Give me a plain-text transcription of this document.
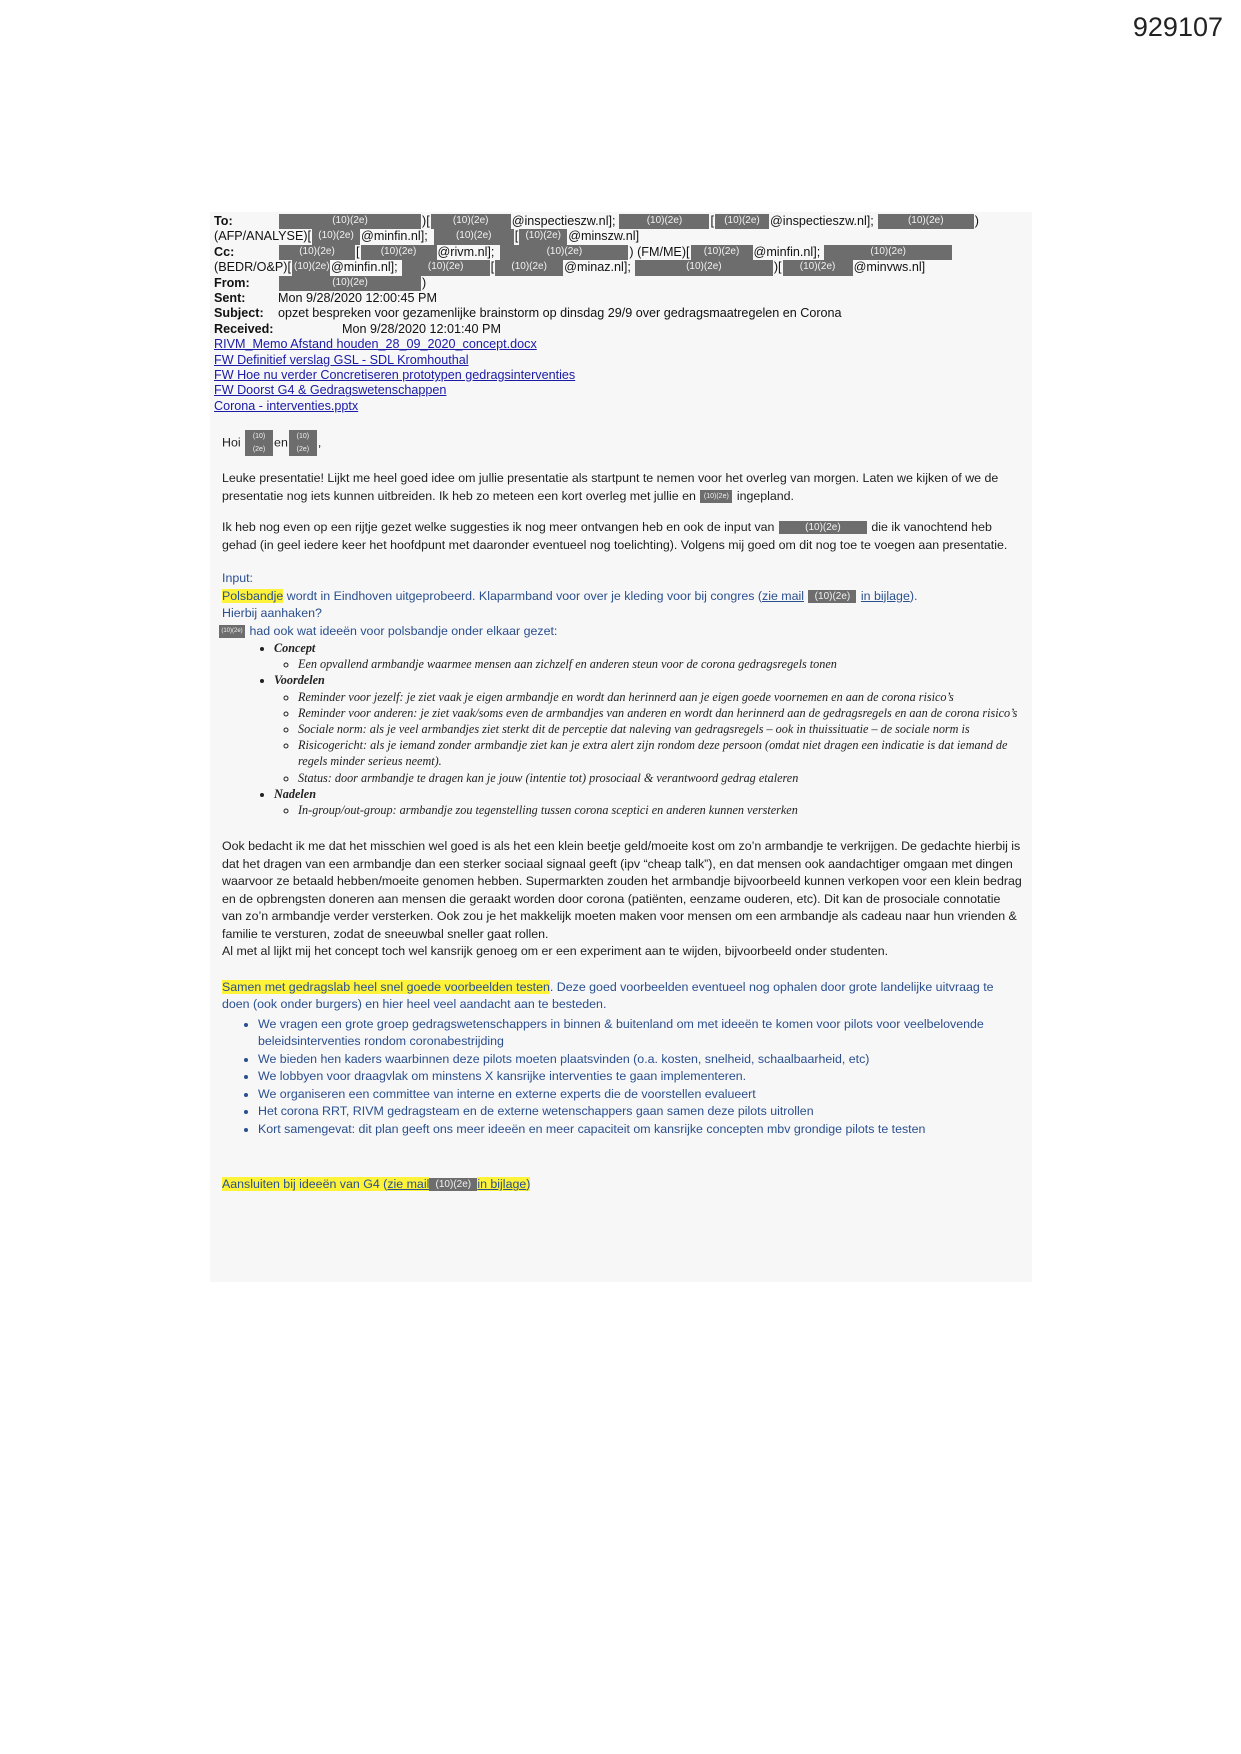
929107
To:	(10)(2e)	)[	(10)(2e)	@inspectieszw.nl];	(10)(2e)	[	(10)(2e) @inspectieszw.nl];	(10)(2e)	)
(AFP/ANALYSE)[ (10)(2e) @minfin.nl];	(10)(2e)	[ (10)(2e) @minszw.nl]
Cc:	(10)(2e)	[	(10)(2e)	@rivm.nl];	(10)(2e)	) (FM/ME)[	(10)(2e)	@minfin.nl];	(10)(2e)
(BEDR/O&P)[ (10)(2e) @minfin.nl];	(10)(2e)	[	(10)(2e)	@minaz.nl];	(10)(2e)	)[	(10)(2e)	@minvws.nl]
From:	(10)(2e)	)
Sent:	Mon 9/28/2020 12:00:45 PM
Subject:	opzet bespreken voor gezamenlijke brainstorm op dinsdag 29/9 over gedragsmaatregelen en Corona
Received:	Mon 9/28/2020 12:01:40 PM
RIVM_Memo Afstand houden_28_09_2020_concept.docx
FW Definitief verslag GSL - SDL Kromhouthal
FW Hoe nu verder Concretiseren prototypen gedragsinterventies
FW Doorst G4 & Gedragswetenschappen
Corona - interventies.pptx

Hoi (10)(2e)en (10)(2e),

Leuke presentatie! Lijkt me heel goed idee om jullie presentatie als startpunt te nemen voor het overleg van morgen. Laten we kijken of we de presentatie nog iets kunnen uitbreiden. Ik heb zo meteen een kort overleg met jullie en (10)(2e) ingepland.

Ik heb nog even op een rijtje gezet welke suggesties ik nog meer ontvangen heb en ook de input van	(10)(2e) die ik vanochtend heb gehad (in geel iedere keer het hoofdpunt met daaronder eventueel nog toelichting). Volgens mij goed om dit nog toe te voegen aan presentatie.

Input:
Polsbandje wordt in Eindhoven uitgeprobeerd. Klaparmband voor over je kleding voor bij congres (zie mail (10)(2e) in bijlage).
Hierbij aanhaken?
(10)(2e) had ook wat ideeën voor polsbandje onder elkaar gezet:
• Concept
◦ Een opvallend armbandje waarmee mensen aan zichzelf en anderen steun voor de corona gedragsregels tonen
• Voordelen
◦ Reminder voor jezelf: je ziet vaak je eigen armbandje en wordt dan herinnerd aan je eigen goede voornemen en aan de corona risico’s
◦ Reminder voor anderen: je ziet vaak/soms even de armbandjes van anderen en wordt dan herinnerd aan de gedragsregels en aan de corona risico’s
◦ Sociale norm: als je veel armbandjes ziet sterkt dit de perceptie dat naleving van gedragsregels – ook in thuissituatie – de sociale norm is
◦ Risicogericht: als je iemand zonder armbandje ziet kan je extra alert zijn rondom deze persoon (omdat niet dragen een indicatie is dat iemand de regels minder serieus neemt).
◦ Status: door armbandje te dragen kan je jouw (intentie tot) prosociaal & verantwoord gedrag etaleren
• Nadelen
◦ In-group/out-group: armbandje zou tegenstelling tussen corona sceptici en anderen kunnen versterken

Ook bedacht ik me dat het misschien wel goed is als het een klein beetje geld/moeite kost om zo’n armbandje te verkrijgen. De gedachte hierbij is dat het dragen van een armbandje dan een sterker sociaal signaal geeft (ipv “cheap talk”), en dat mensen ook aandachtiger omgaan met dingen waarvoor ze betaald hebben/moeite genomen hebben. Supermarkten zouden het armbandje bijvoorbeeld kunnen verkopen voor een klein bedrag en de opbrengsten doneren aan mensen die geraakt worden door corona (patiënten, eenzame ouderen, etc). Dit kan de prosociale connotatie van zo’n armbandje verder versterken. Ook zou je het makkelijk moeten maken voor mensen om een armbandje als cadeau naar hun vrienden & familie te versturen, zodat de sneeuwbal sneller gaat rollen.

Al met al lijkt mij het concept toch wel kansrijk genoeg om er een experiment aan te wijden, bijvoorbeeld onder studenten.

Samen met gedragslab heel snel goede voorbeelden testen. Deze goed voorbeelden eventueel nog ophalen door grote landelijke uitvraag te doen (ook onder burgers) en hier heel veel aandacht aan te besteden.
• We vragen een grote groep gedragswetenschappers in binnen & buitenland om met ideeën te komen voor pilots voor veelbelovende beleidsinterventies rondom coronabestrijding
• We bieden hen kaders waarbinnen deze pilots moeten plaatsvinden (o.a. kosten, snelheid, schaalbaarheid, etc)
• We lobbyen voor draagvlak om minstens X kansrijke interventies te gaan implementeren.
• We organiseren een committee van interne en externe experts die de voorstellen evalueert
• Het corona RRT, RIVM gedragsteam en de externe wetenschappers gaan samen deze pilots uitrollen
• Kort samengevat: dit plan geeft ons meer ideeën en meer capaciteit om kansrijke concepten mbv grondige pilots te testen
Aansluiten bij ideeën van G4 (zie mail (10)(2e) in bijlage)
